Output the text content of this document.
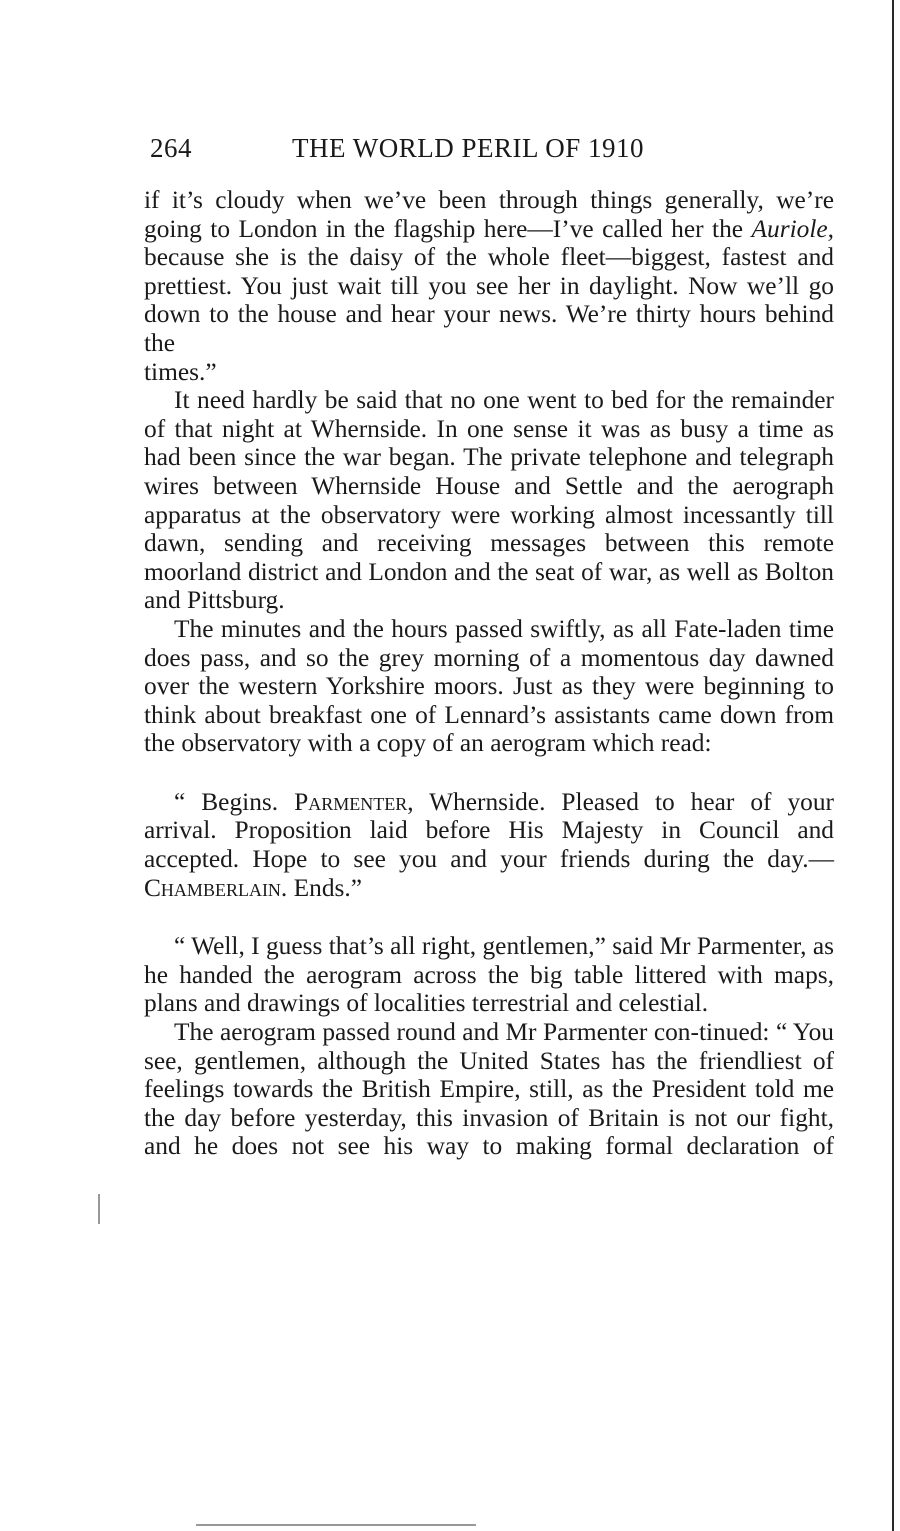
264	THE WORLD PERIL OF 1910

if it’s cloudy when we’ve been through things generally, we’re going to London in the flagship here—I’ve called her the Auriole, because she is the daisy of the whole fleet—biggest, fastest and prettiest. You just wait till you see her in daylight. Now we’ll go down to the house and hear your news. We’re thirty hours behind the

times.”

It need hardly be said that no one went to bed for the remainder of that night at Whernside. In one sense it was as busy a time as had been since the war began. The private telephone and telegraph wires between Whernside House and Settle and the aerograph apparatus at the observatory were working almost incessantly till dawn, sending and receiving messages between this remote moorland district and London and the seat of war, as well as Bolton and Pittsburg.

The minutes and the hours passed swiftly, as all Fate-laden time does pass, and so the grey morning of a momentous day dawned over the western Yorkshire moors. Just as they were beginning to think about breakfast one of Lennard’s assistants came down from the observatory with a copy of an aerogram which read:

“ Begins. Parmenter, Whernside. Pleased to hear of your arrival. Proposition laid before His Majesty in Council and accepted. Hope to see you and your friends during the day.—Chamberlain. Ends.”

“ Well, I guess that’s all right, gentlemen,” said Mr Parmenter, as he handed the aerogram across the big table littered with maps, plans and drawings of localities terrestrial and celestial.

The aerogram passed round and Mr Parmenter con-tinued: “ You see, gentlemen, although the United States has the friendliest of feelings towards the British Empire, still, as the President told me the day before yesterday, this invasion of Britain is not our fight, and he does not see his way to making formal declaration of
